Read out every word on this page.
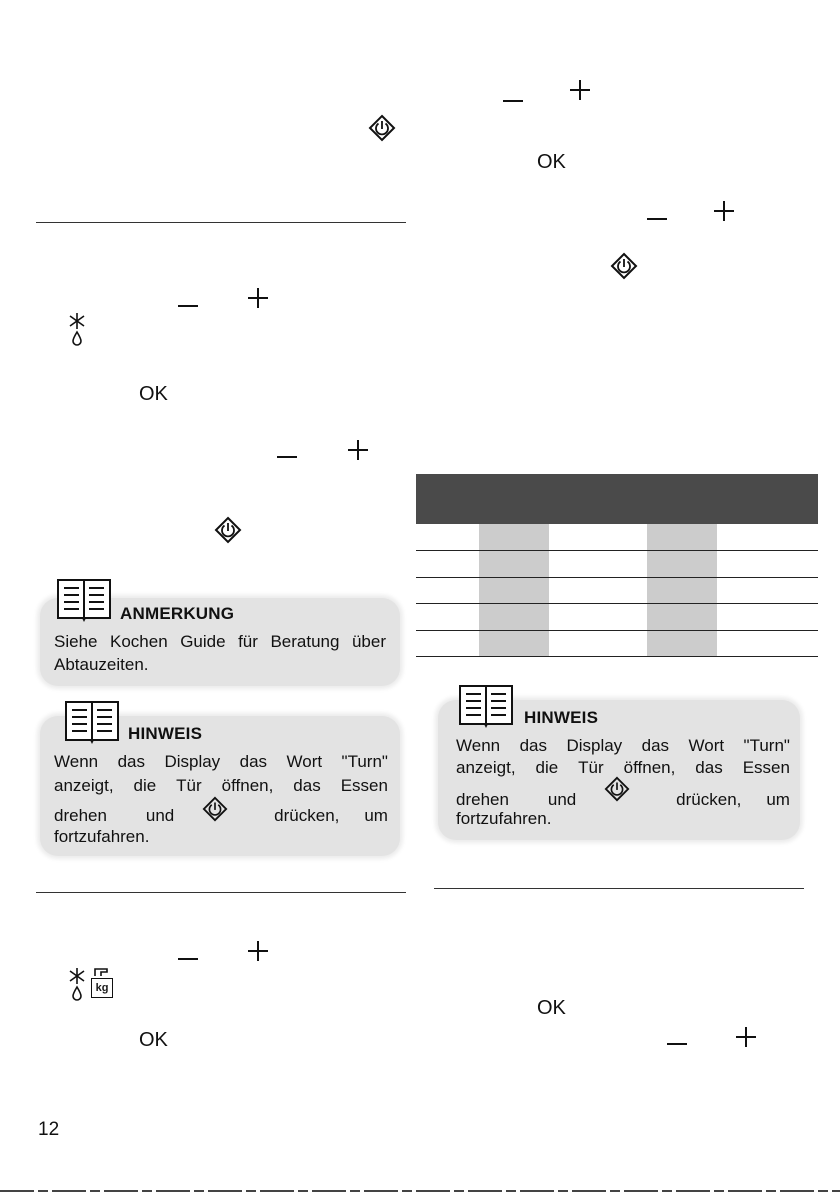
OK
ANMERKUNG
Siehe Kochen Guide für Beratung über
Abtauzeiten.
HINWEIS
Wenn das Display das Wort "Turn"
anzeigt, die Tür öffnen, das Essen
drehen und	drücken, um
fortzufahren.
kg
OK
12
OK
HINWEIS
Wenn das Display das Wort "Turn"
anzeigt, die Tür öffnen, das Essen
drehen und	drücken, um
fortzufahren.
OK
